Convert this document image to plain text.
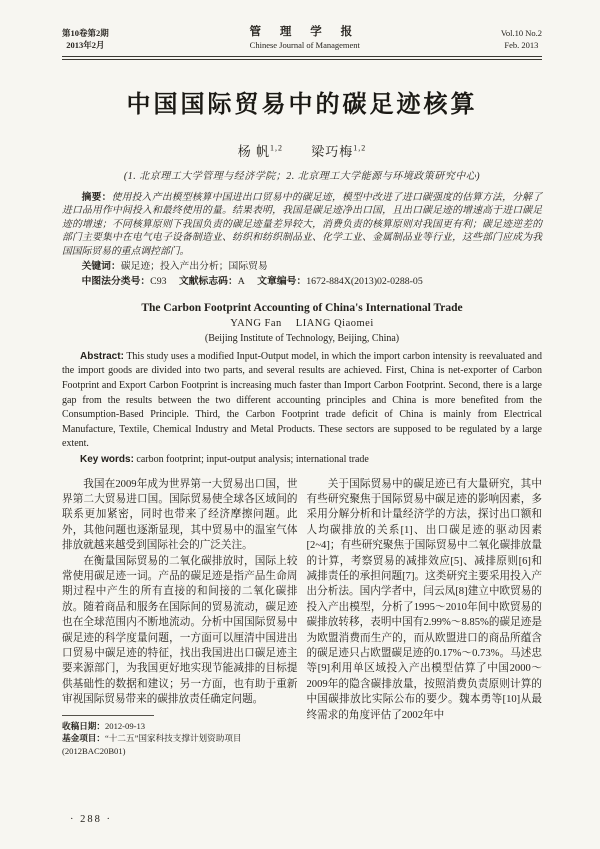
第10卷第2期
2013年2月
管 理 学 报
Chinese Journal of Management
Vol.10 No.2
Feb. 2013
中国国际贸易中的碳足迹核算
杨 帆$^{1,2}$ 梁巧梅$^{1,2}$
(1. 北京理工大学管理与经济学院；2. 北京理工大学能源与环境政策研究中心)

摘要：使用投入产出模型核算中国进出口贸易中的碳足迹，模型中改进了进口碳强度的估算方法，分解了进口品用作中间投入和最终使用的量。结果表明，我国是碳足迹净出口国，且出口碳足迹的增速高于进口碳足迹的增速；不同核算原则下我国负责的碳足迹量差异较大，消费负责的核算原则对我国更有利；碳足迹逆差的部门主要集中在电气电子设备制造业、纺织和纺织制品业、化学工业、金属制品业等行业，这些部门应成为我国国际贸易的重点调控部门。

关键词：碳足迹；投入产出分析；国际贸易
中图法分类号：C93 文献标志码：A 文章编号：1672-884X(2013)02-0288-05
The Carbon Footprint Accounting of China's International Trade
YANG Fan LIANG Qiaomei
(Beijing Institute of Technology, Beijing, China)

Abstract: This study uses a modified Input-Output model, in which the import carbon intensity is reevaluated and the import goods are divided into two parts, and several results are achieved. First, China is net-exporter of Carbon Footprint and Export Carbon Footprint is increasing much faster than Import Carbon Footprint. Second, there is a large gap from the results between the two different accounting principles and China is more benefited from the Consumption-Based Principle. Third, the Carbon Footprint trade deficit of China is mainly from Electrical Manufacture, Textile, Chemical Industry and Metal Products. These sectors are supposed to be regulated by a large extent.

Key words: carbon footprint; input-output analysis; international trade

我国在2009年成为世界第一大贸易出口国，世界第二大贸易进口国。国际贸易使全球各区域间的联系更加紧密，同时也带来了经济摩擦问题。此外，其他问题也逐渐显现，其中贸易中的温室气体排放就越来越受到国际社会的广泛关注。

在衡量国际贸易的二氧化碳排放时，国际上较常使用碳足迹一词。产品的碳足迹是指产品生命周期过程中产生的所有直接的和间接的二氧化碳排放。随着商品和服务在国际间的贸易流动，碳足迹也在全球范围内不断地流动。分析中国国际贸易中碳足迹的科学度量问题，一方面可以厘清中国进出口贸易中碳足迹的特征，找出我国进出口碳足迹主要来源部门，为我国更好地实现节能减排的目标提供基础性的数据和建议；另一方面，也有助于重新审视国际贸易带来的碳排放责任确定问题。

收稿日期：2012-09-13
基金项目：“十二五”国家科技支撑计划资助项目(2012BAC20B01)

关于国际贸易中的碳足迹已有大量研究，其中有些研究聚焦于国际贸易中碳足迹的影响因素，多采用分解分析和计量经济学的方法，探讨出口额和人均碳排放的关系[1]、出口碳足迹的驱动因素[2~4]；有些研究聚焦于国际贸易中二氧化碳排放量的计算，考察贸易的减排效应[5]、减排原则[6]和减排责任的承担问题[7]。这类研究主要采用投入产出分析法。国内学者中，闫云凤[8]建立中欧贸易的投入产出模型，分析了1995～2010年间中欧贸易的碳排放转移，表明中国有2.99%～8.85%的碳足迹是为欧盟消费而生产的，而从欧盟进口的商品所蕴含的碳足迹只占欧盟碳足迹的0.17%～0.73%。马述忠等[9]利用单区域投入产出模型估算了中国2000～2009年的隐含碳排放量，按照消费负责原则计算的中国碳排放比实际公布的要少。魏本勇等[10]从最终需求的角度评估了2002年中

· 288 ·
